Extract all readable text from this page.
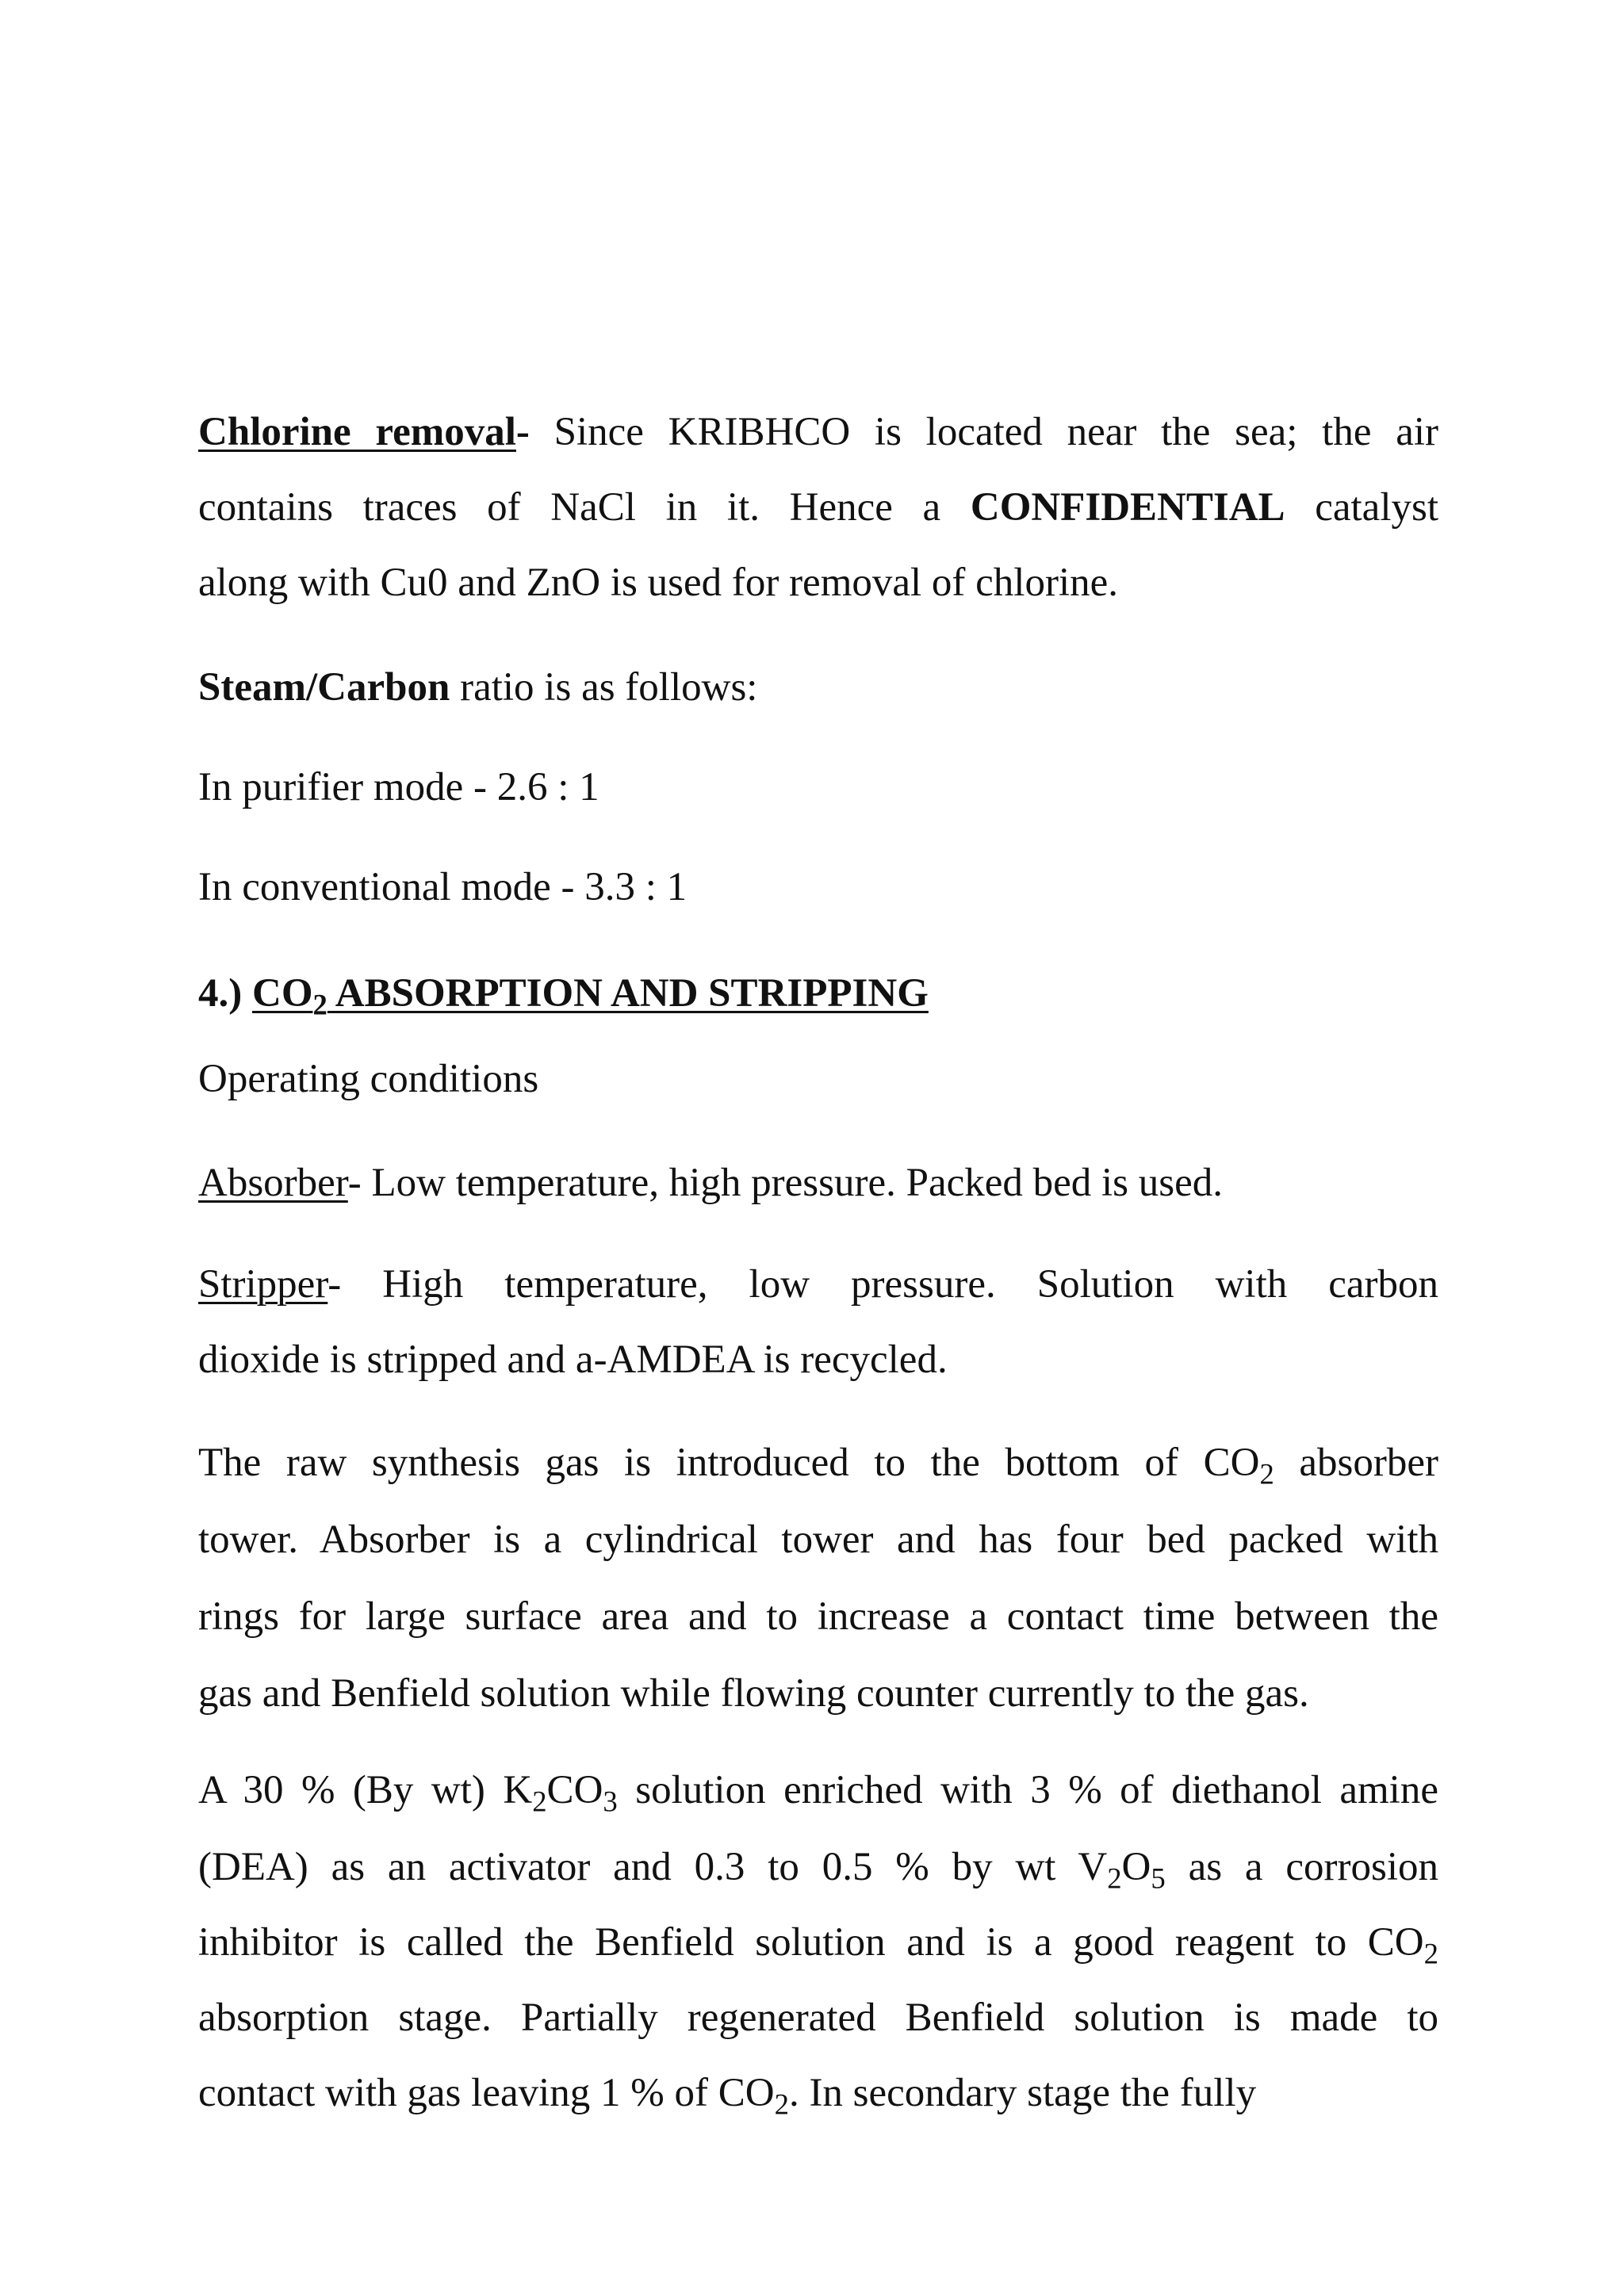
Chlorine removal- Since KRIBHCO is located near the sea; the air
contains traces of NaCl in it. Hence a CONFIDENTIAL catalyst
along with Cu0 and ZnO is used for removal of chlorine.
Steam/Carbon ratio is as follows:
In purifier mode - 2.6 : 1
In conventional mode - 3.3 : 1
4.) $CO_2$ ABSORPTION AND STRIPPING
Operating conditions
Absorber- Low temperature, high pressure. Packed bed is used.
Stripper- High temperature, low pressure. Solution with carbon
dioxide is stripped and a-AMDEA is recycled.
The raw synthesis gas is introduced to the bottom of $CO_2$ absorber
tower. Absorber is a cylindrical tower and has four bed packed with
rings for large surface area and to increase a contact time between the
gas and Benfield solution while flowing counter currently to the gas.
A 30 % (By wt) $K_2CO_3$ solution enriched with 3 % of diethanol amine
(DEA) as an activator and 0.3 to 0.5 % by wt $V_2O_5$ as a corrosion
inhibitor is called the Benfield solution and is a good reagent to $CO_2$
absorption stage. Partially regenerated Benfield solution is made to
contact with gas leaving 1 % of $CO_2$. In secondary stage the fully
